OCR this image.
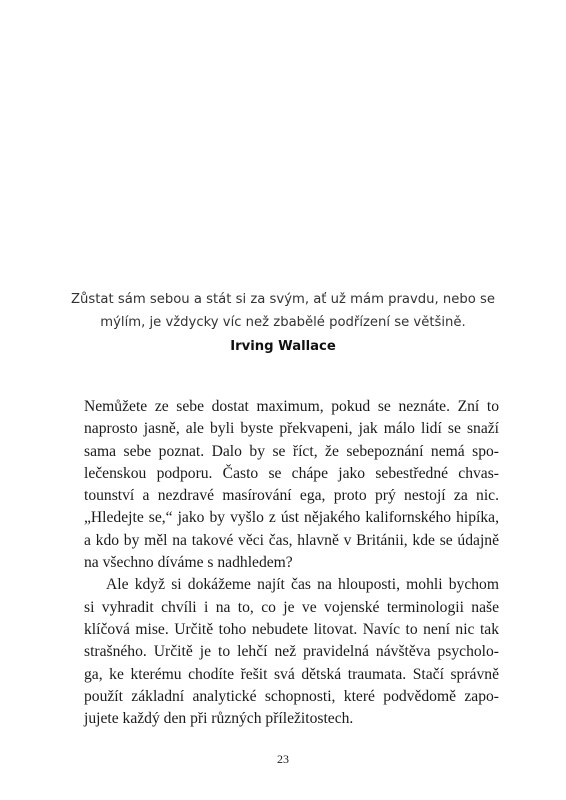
Zůstat sám sebou a stát si za svým, ať už mám pravdu, nebo se
mýlím, je vždycky víc než zbabělé podřízení se většině.
Irving Wallace
Nemůžete ze sebe dostat maximum, pokud se neznáte. Zní to
naprosto jasně, ale byli byste překvapeni, jak málo lidí se snaží
sama sebe poznat. Dalo by se říct, že sebepoznání nemá spo-
lečenskou podporu. Často se chápe jako sebestředné chvas-
tounství a nezdravé masírování ega, proto prý nestojí za nic.
„Hledejte se,“ jako by vyšlo z úst nějakého kalifornského hipíka,
a kdo by měl na takové věci čas, hlavně v Británii, kde se údajně
na všechno díváme s nadhledem?
Ale když si dokážeme najít čas na hlouposti, mohli bychom
si vyhradit chvíli i na to, co je ve vojenské terminologii naše
klíčová mise. Určitě toho nebudete litovat. Navíc to není nic tak
strašného. Určitě je to lehčí než pravidelná návštěva psycholo-
ga, ke kterému chodíte řešit svá dětská traumata. Stačí správně
použít základní analytické schopnosti, které podvědomě zapo-
jujete každý den při různých příležitostech.
23
